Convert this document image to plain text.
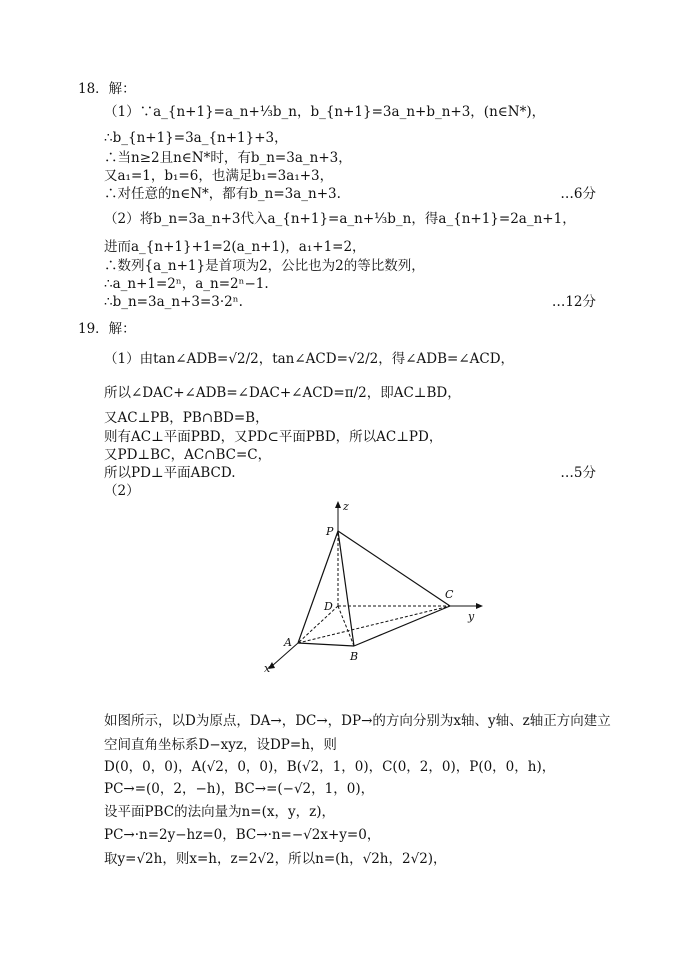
18．解：
（1）∵a_{n+1}=a_n+⅓b_n，b_{n+1}=3a_n+b_n+3，(n∈N*)，
∴b_{n+1}=3a_{n+1}+3，
∴当n≥2且n∈N*时，有b_n=3a_n+3，
又a₁=1，b₁=6，也满足b₁=3a₁+3，
∴对任意的n∈N*，都有b_n=3a_n+3.	…6分
（2）将b_n=3a_n+3代入a_{n+1}=a_n+⅓b_n，得a_{n+1}=2a_n+1，
进而a_{n+1}+1=2(a_n+1)，a₁+1=2，
∴数列{a_n+1}是首项为2，公比也为2的等比数列，
∴a_n+1=2ⁿ，a_n=2ⁿ−1.
∴b_n=3a_n+3=3·2ⁿ.	…12分
19．解：
（1）由tan∠ADB=√2/2，tan∠ACD=√2/2，得∠ADB=∠ACD，
所以∠DAC+∠ADB=∠DAC+∠ACD=π/2，即AC⊥BD，
又AC⊥PB，PB∩BD=B，
则有AC⊥平面PBD，又PD⊂平面PBD，所以AC⊥PD，
又PD⊥BC，AC∩BC=C，
所以PD⊥平面ABCD.	…5分
（2）
P
D
C
A
B
x
y
z
如图所示，以D为原点，DA→，DC→，DP→的方向分别为x轴、y轴、z轴正方向建立
空间直角坐标系D−xyz，设DP=h，则
D(0，0，0)，A(√2，0，0)，B(√2，1，0)，C(0，2，0)，P(0，0，h)，
PC→=(0，2，−h)，BC→=(−√2，1，0)，
设平面PBC的法向量为n=(x，y，z)，
PC→·n=2y−hz=0，BC→·n=−√2x+y=0，
取y=√2h，则x=h，z=2√2，所以n=(h，√2h，2√2)，
